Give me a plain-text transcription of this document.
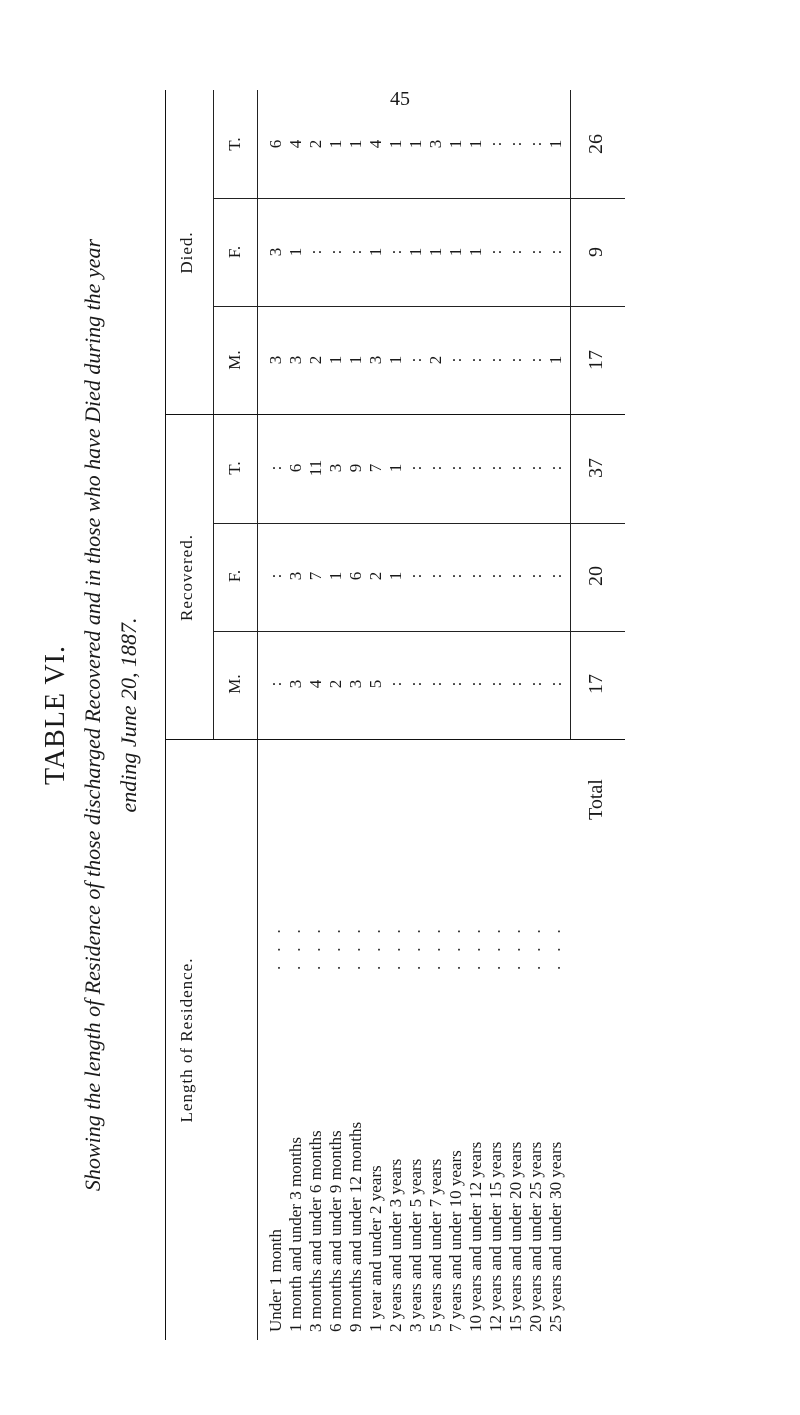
45
TABLE VI. Showing the length of Residence of those discharged Recovered and in those who have Died during the year ending June 20, 1887.
Length of Residence.
Recovered.
Died.
M.
F.
T.
M.
F.
T.
Under 1 month
...
:
:
:
3
3
6
1 month and under 3 months
...
3
3
6
3
1
4
3 months and under 6 months
...
4
7
11
2
:
2
6 months and under 9 months
...
2
1
3
1
:
1
9 months and under 12 months
...
3
6
9
1
:
1
1 year and under 2 years
...
5
2
7
3
1
4
2 years and under 3 years
...
:
1
1
1
:
1
3 years and under 5 years
...
:
:
:
:
1
1
5 years and under 7 years
...
:
:
:
2
1
3
7 years and under 10 years
...
:
:
:
:
1
1
10 years and under 12 years
...
:
:
:
:
1
1
12 years and under 15 years
...
:
:
:
:
:
:
15 years and under 20 years
...
:
:
:
:
:
:
20 years and under 25 years
...
:
:
:
:
:
:
25 years and under 30 years
...
:
:
:
1
:
1
Total
17
20
37
17
9
26
